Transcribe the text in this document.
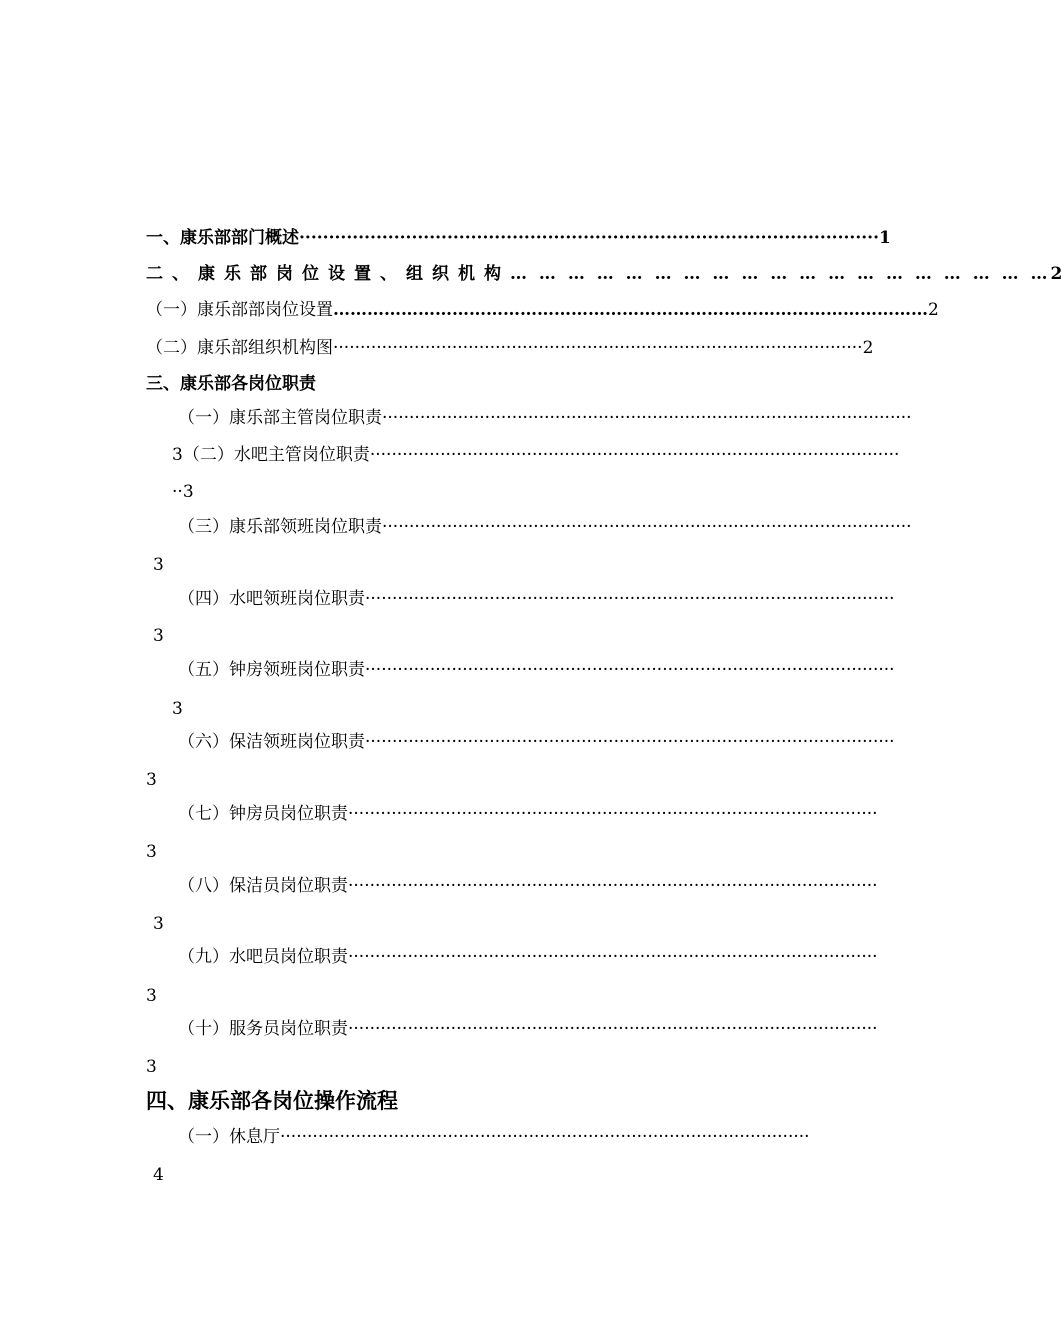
一、康乐部部门概述 ·································································································· 1
二、康乐部岗位设置、组织机构 … … … … … … … … … … … … … … … … … … … 2
（一）康乐部部岗位设置 …………………………………………………………………………………………… 2
（二）康乐部组织机构图 ·································································································· 2
三、康乐部各岗位职责
（一）康乐部主管岗位职责 ··································································································
3 （二）水吧主管岗位职责 ··································································································
··3
（三）康乐部领班岗位职责 ··································································································
3
（四）水吧领班岗位职责 ··································································································
3
（五）钟房领班岗位职责 ··································································································
3
（六）保洁领班岗位职责 ··································································································
3
（七）钟房员岗位职责 ··································································································
3
（八）保洁员岗位职责 ··································································································
3
（九）水吧员岗位职责 ··································································································
3
（十）服务员岗位职责 ··································································································
3
四、康乐部各岗位操作流程
（一）休息厅 ··································································································
4
